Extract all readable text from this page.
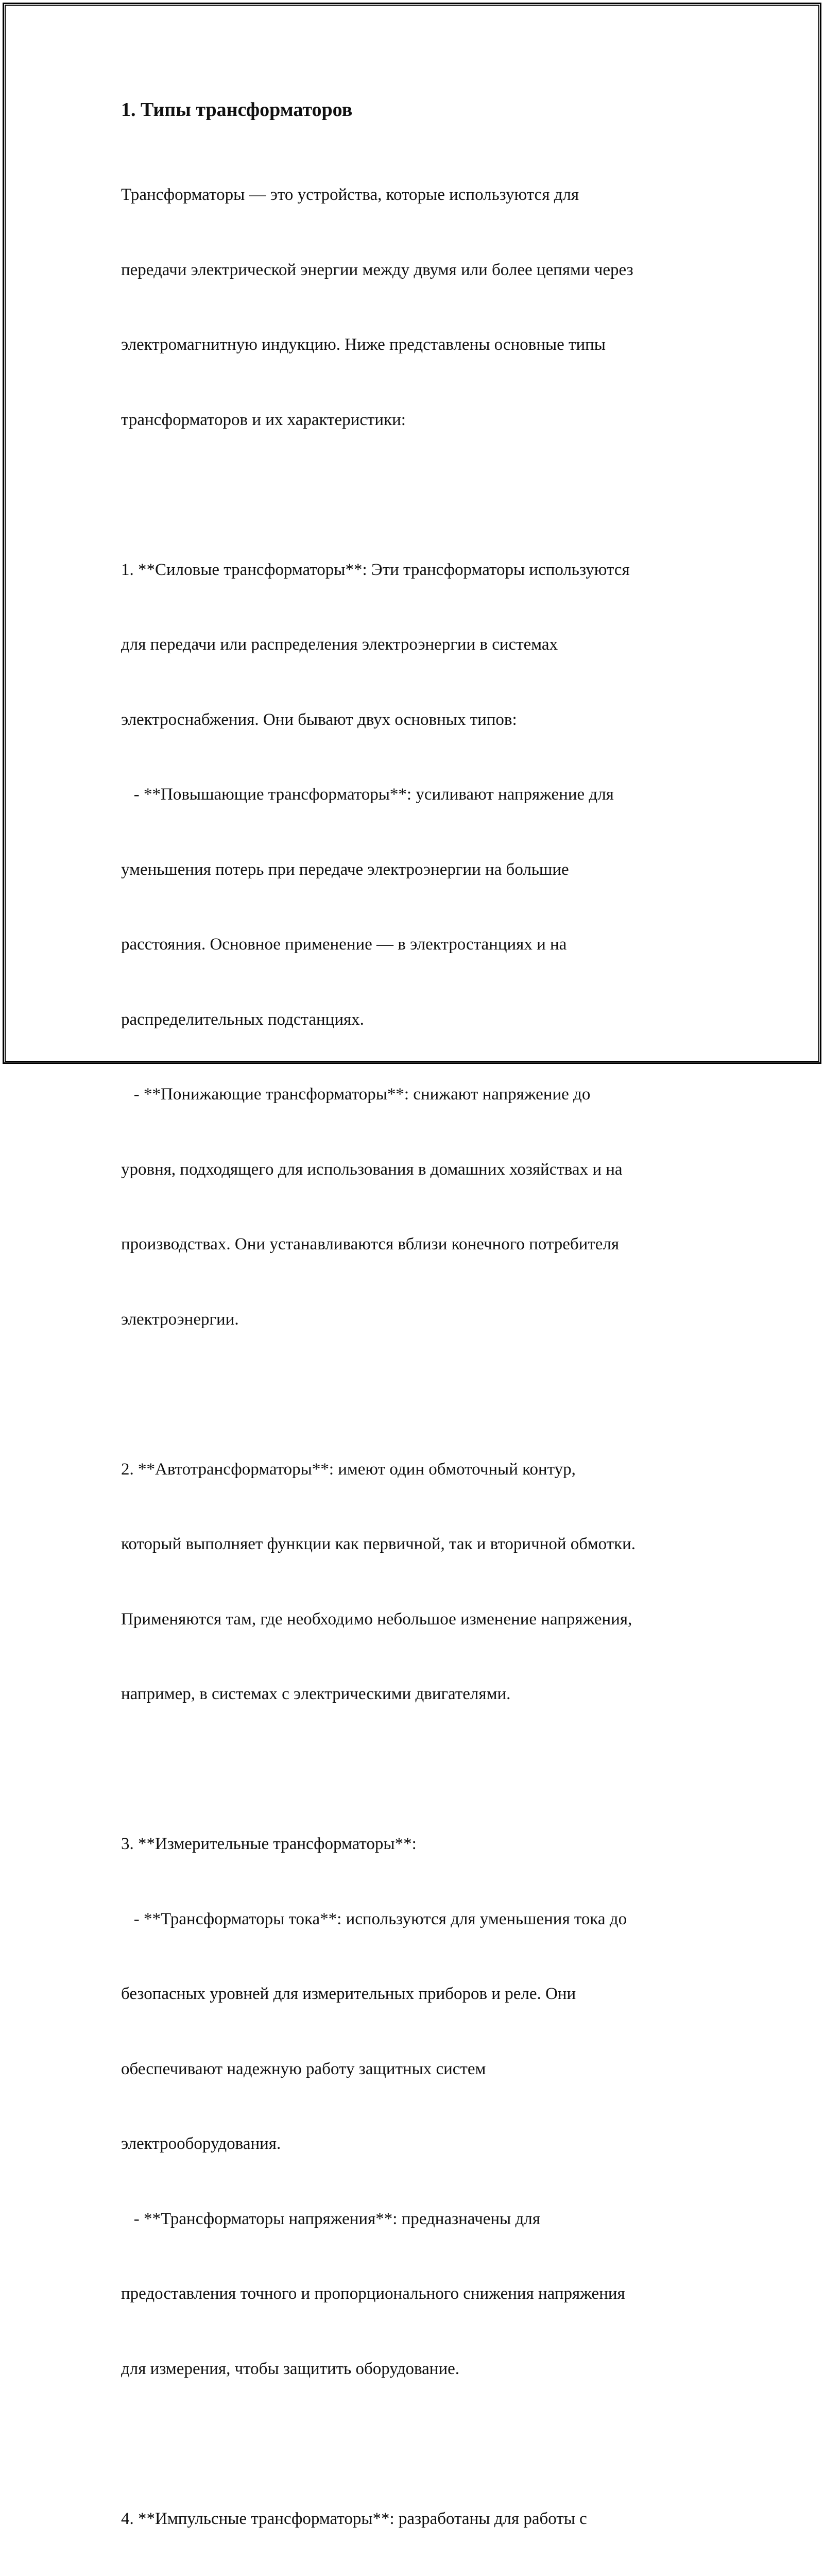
1. Типы трансформаторов

Трансформаторы — это устройства, которые используются для

передачи электрической энергии между двумя или более цепями через

электромагнитную индукцию. Ниже представлены основные типы

трансформаторов и их характеристики:

1. **Силовые трансформаторы**: Эти трансформаторы используются

для передачи или распределения электроэнергии в системах

электроснабжения. Они бывают двух основных типов:

- **Повышающие трансформаторы**: усиливают напряжение для

уменьшения потерь при передаче электроэнергии на большие

расстояния. Основное применение — в электростанциях и на

распределительных подстанциях.

- **Понижающие трансформаторы**: снижают напряжение до

уровня, подходящего для использования в домашних хозяйствах и на

производствах. Они устанавливаются вблизи конечного потребителя

электроэнергии.

2. **Автотрансформаторы**: имеют один обмоточный контур,

который выполняет функции как первичной, так и вторичной обмотки.

Применяются там, где необходимо небольшое изменение напряжения,

например, в системах с электрическими двигателями.

3. **Измерительные трансформаторы**:

- **Трансформаторы тока**: используются для уменьшения тока до

безопасных уровней для измерительных приборов и реле. Они

обеспечивают надежную работу защитных систем

электрооборудования.

- **Трансформаторы напряжения**: предназначены для

предоставления точного и пропорционального снижения напряжения

для измерения, чтобы защитить оборудование.

4. **Импульсные трансформаторы**: разработаны для работы с
